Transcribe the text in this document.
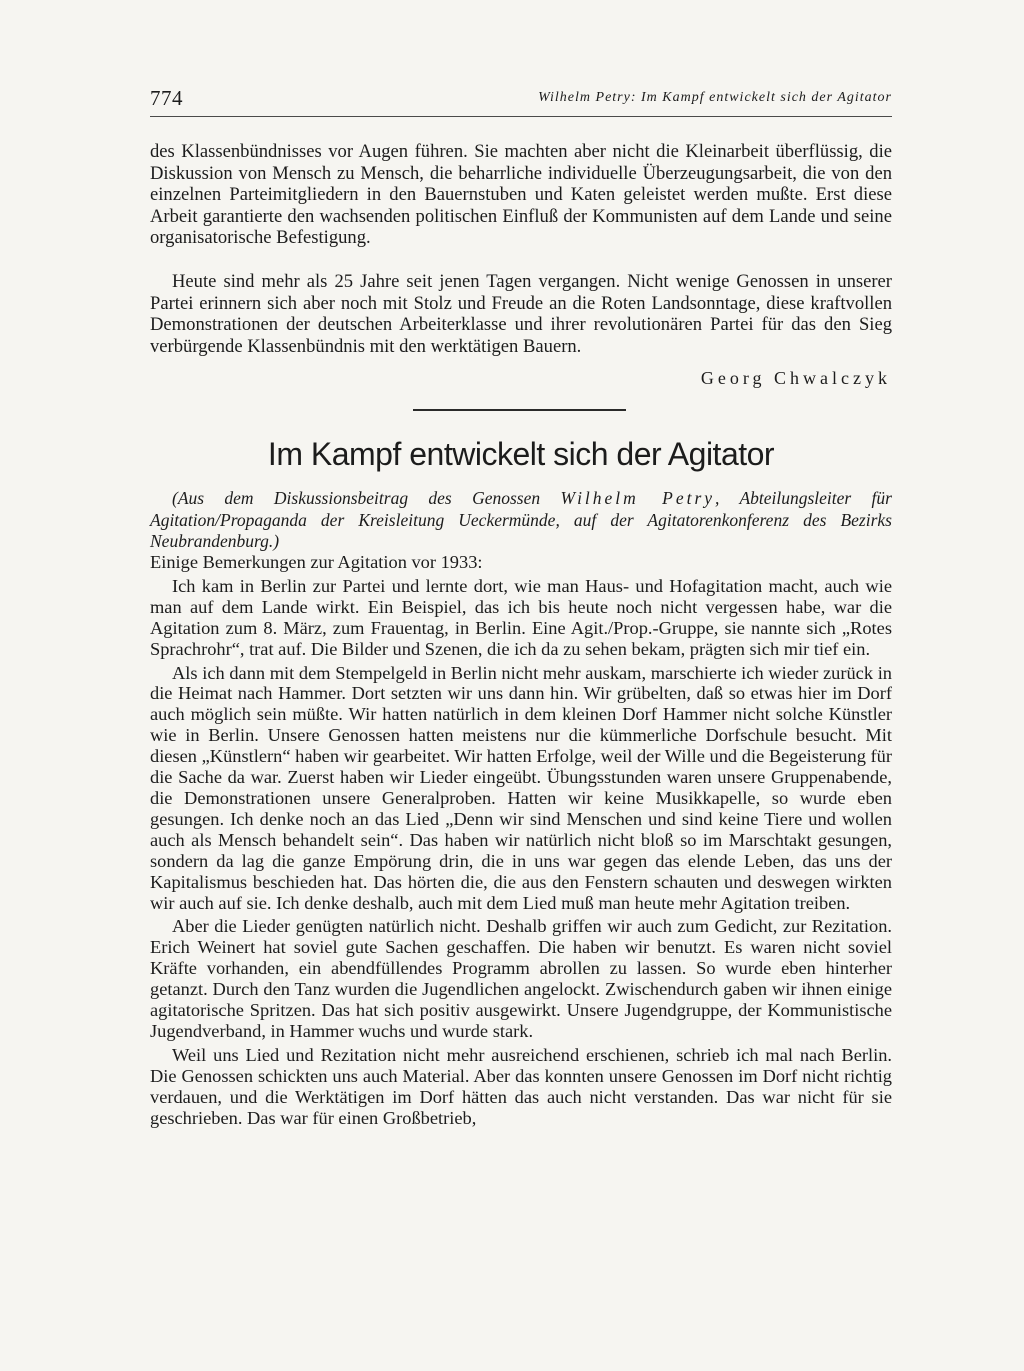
774	Wilhelm Petry: Im Kampf entwickelt sich der Agitator

des Klassenbündnisses vor Augen führen. Sie machten aber nicht die Kleinarbeit überflüssig, die Diskussion von Mensch zu Mensch, die beharrliche individuelle Überzeugungsarbeit, die von den einzelnen Parteimitgliedern in den Bauernstuben und Katen geleistet werden mußte. Erst diese Arbeit garantierte den wachsenden politischen Einfluß der Kommunisten auf dem Lande und seine organisatorische Befestigung.

Heute sind mehr als 25 Jahre seit jenen Tagen vergangen. Nicht wenige Genossen in unserer Partei erinnern sich aber noch mit Stolz und Freude an die Roten Landsonntage, diese kraftvollen Demonstrationen der deutschen Arbeiterklasse und ihrer revolutionären Partei für das den Sieg verbürgende Klassenbündnis mit den werktätigen Bauern.

Georg Chwalczyk
Im Kampf entwickelt sich der Agitator

(Aus dem Diskussionsbeitrag des Genossen Wilhelm Petry, Abteilungsleiter für Agitation/Propaganda der Kreisleitung Ueckermünde, auf der Agitatorenkonferenz des Bezirks Neubrandenburg.)

Einige Bemerkungen zur Agitation vor 1933:

Ich kam in Berlin zur Partei und lernte dort, wie man Haus- und Hofagitation macht, auch wie man auf dem Lande wirkt. Ein Beispiel, das ich bis heute noch nicht vergessen habe, war die Agitation zum 8. März, zum Frauentag, in Berlin. Eine Agit./Prop.-Gruppe, sie nannte sich „Rotes Sprachrohr“, trat auf. Die Bilder und Szenen, die ich da zu sehen bekam, prägten sich mir tief ein.

Als ich dann mit dem Stempelgeld in Berlin nicht mehr auskam, marschierte ich wieder zurück in die Heimat nach Hammer. Dort setzten wir uns dann hin. Wir grübelten, daß so etwas hier im Dorf auch möglich sein müßte. Wir hatten natürlich in dem kleinen Dorf Hammer nicht solche Künstler wie in Berlin. Unsere Genossen hatten meistens nur die kümmerliche Dorfschule besucht. Mit diesen „Künstlern“ haben wir gearbeitet. Wir hatten Erfolge, weil der Wille und die Begeisterung für die Sache da war. Zuerst haben wir Lieder eingeübt. Übungsstunden waren unsere Gruppenabende, die Demonstrationen unsere Generalproben. Hatten wir keine Musikkapelle, so wurde eben gesungen. Ich denke noch an das Lied „Denn wir sind Menschen und sind keine Tiere und wollen auch als Mensch behandelt sein“. Das haben wir natürlich nicht bloß so im Marschtakt gesungen, sondern da lag die ganze Empörung drin, die in uns war gegen das elende Leben, das uns der Kapitalismus beschieden hat. Das hörten die, die aus den Fenstern schauten und deswegen wirkten wir auch auf sie. Ich denke deshalb, auch mit dem Lied muß man heute mehr Agitation treiben.

Aber die Lieder genügten natürlich nicht. Deshalb griffen wir auch zum Gedicht, zur Rezitation. Erich Weinert hat soviel gute Sachen geschaffen. Die haben wir benutzt. Es waren nicht soviel Kräfte vorhanden, ein abendfüllendes Programm abrollen zu lassen. So wurde eben hinterher getanzt. Durch den Tanz wurden die Jugendlichen angelockt. Zwischendurch gaben wir ihnen einige agitatorische Spritzen. Das hat sich positiv ausgewirkt. Unsere Jugendgruppe, der Kommunistische Jugendverband, in Hammer wuchs und wurde stark.

Weil uns Lied und Rezitation nicht mehr ausreichend erschienen, schrieb ich mal nach Berlin. Die Genossen schickten uns auch Material. Aber das konnten unsere Genossen im Dorf nicht richtig verdauen, und die Werktätigen im Dorf hätten das auch nicht verstanden. Das war nicht für sie geschrieben. Das war für einen Großbetrieb,
